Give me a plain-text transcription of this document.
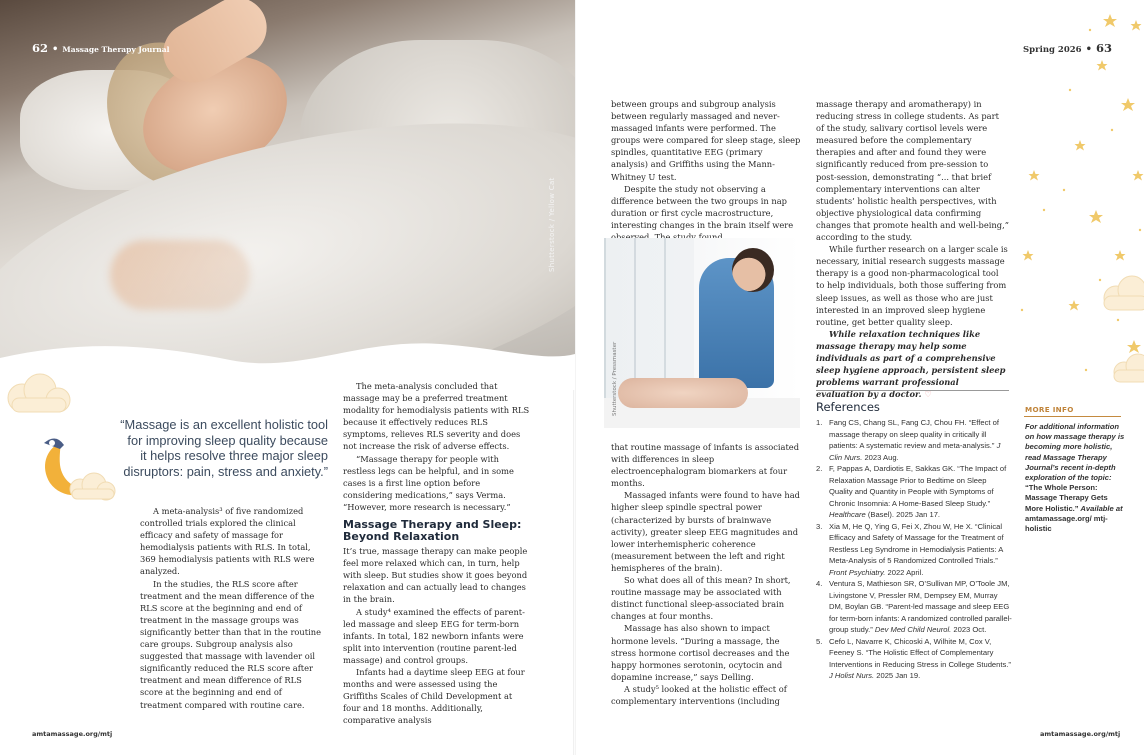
Shutterstock / Yellow Cat
62 • Massage Therapy Journal	Spring 2026 • 63
“Massage is an excellent holistic tool for improving sleep quality because it helps resolve three major sleep disruptors: pain, stress and anxiety.”

A meta-analysis³ of five randomized controlled trials explored the clinical efficacy and safety of massage for hemodialysis patients with RLS. In total, 369 hemodialysis patients with RLS were analyzed.

In the studies, the RLS score after treatment and the mean difference of the RLS score at the beginning and end of treatment in the massage groups was significantly better than that in the routine care groups. Subgroup analysis also suggested that massage with lavender oil significantly reduced the RLS score after treatment and mean difference of RLS score at the beginning and end of treatment compared with routine care.

The meta-analysis concluded that massage may be a preferred treatment modality for hemodialysis patients with RLS because it effectively reduces RLS symptoms, relieves RLS severity and does not increase the risk of adverse effects.

“Massage therapy for people with restless legs can be helpful, and in some cases is a first line option before considering medications,” says Verma. “However, more research is necessary.”

Massage Therapy and Sleep: Beyond Relaxation

It’s true, massage therapy can make people feel more relaxed which can, in turn, help with sleep. But studies show it goes beyond relaxation and can actually lead to changes in the brain.

A study⁴ examined the effects of parent-led massage and sleep EEG for term-born infants. In total, 182 newborn infants were split into intervention (routine parent-led massage) and control groups.

Infants had a daytime sleep EEG at four months and were assessed using the Griffiths Scales of Child Development at four and 18 months. Additionally, comparative analysis

between groups and subgroup analysis between regularly massaged and never-massaged infants were performed. The groups were compared for sleep stage, sleep spindles, quantitative EEG (primary analysis) and Griffiths using the Mann-Whitney U test.

Despite the study not observing a difference between the two groups in nap duration or first cycle macrostructure, interesting changes in the brain itself were

Shutterstock / Pressmaster

that routine massage of infants is associated with differences in sleep electroencephalogram biomarkers at four months.

Massaged infants were found to have had higher sleep spindle spectral power (characterized by bursts of brainwave activity), greater sleep EEG magnitudes and lower interhemispheric coherence (measurement between the left and right hemispheres of the brain).

So what does all of this mean? In short, routine massage may be associated with distinct functional sleep-associated brain changes at four months.

Massage has also shown to impact hormone levels. “During a massage, the stress hormone cortisol decreases and the happy hormones serotonin, ocytocin and dopamine increase,” says Delling.

A study⁵ looked at the holistic effect of complementary interventions (including

massage therapy and aromatherapy) in reducing stress in college students. As part of the study, salivary cortisol levels were measured before the complementary therapies and after and found they were significantly reduced from pre-session to post-session, demonstrating “... that brief complementary interventions can alter students’ holistic health perspectives, with objective physiological data confirming changes that promote health and well-being,” according to the study.

While further research on a larger scale is necessary, initial research suggests massage therapy is a good non-pharmacological tool to help individuals, both those suffering from sleep issues, as well as those who are just interested in an improved sleep hygiene routine, get better quality sleep.

While relaxation techniques like massage therapy may help some individuals as part of a comprehensive sleep hygiene approach, persistent sleep problems warrant professional evaluation by a doctor. ♡

References
1. Fang CS, Chang SL, Fang CJ, Chou FH. “Effect of massage therapy on sleep quality in critically ill patients: A systematic review and meta-analysis.” J Clin Nurs. 2023 Aug.
2. F, Pappas A, Dardiotis E, Sakkas GK. “The Impact of Relaxation Massage Prior to Bedtime on Sleep Quality and Quantity in People with Symptoms of Chronic Insomnia: A Home-Based Sleep Study.” Healthcare (Basel). 2025 Jan 17.
3. Xia M, He Q, Ying G, Fei X, Zhou W, He X. “Clinical Efficacy and Safety of Massage for the Treatment of Restless Leg Syndrome in Hemodialysis Patients: A Meta-Analysis of 5 Randomized Controlled Trials.” Front Psychiatry. 2022 April.
4. Ventura S, Mathieson SR, O’Sullivan MP, O’Toole JM, Livingstone V, Pressler RM, Dempsey EM, Murray DM, Boylan GB. “Parent-led massage and sleep EEG for term-born infants: A randomized controlled parallel-group study.” Dev Med Child Neurol. 2023 Oct.
5. Cefo L, Navarre K, Chicoski A, Wilhite M, Cox V, Feeney S. “The Holistic Effect of Complementary Interventions in Reducing Stress in College Students.” J Holist Nurs. 2025 Jan 19.
MORE INFO
For additional information on how massage therapy is becoming more holistic, read Massage Therapy Journal’s recent in-depth exploration of the topic: “The Whole Person: Massage Therapy Gets More Holistic.” Available at amtamassage.org/ mtj-holistic
amtamassage.org/mtj	amtamassage.org/mtj
